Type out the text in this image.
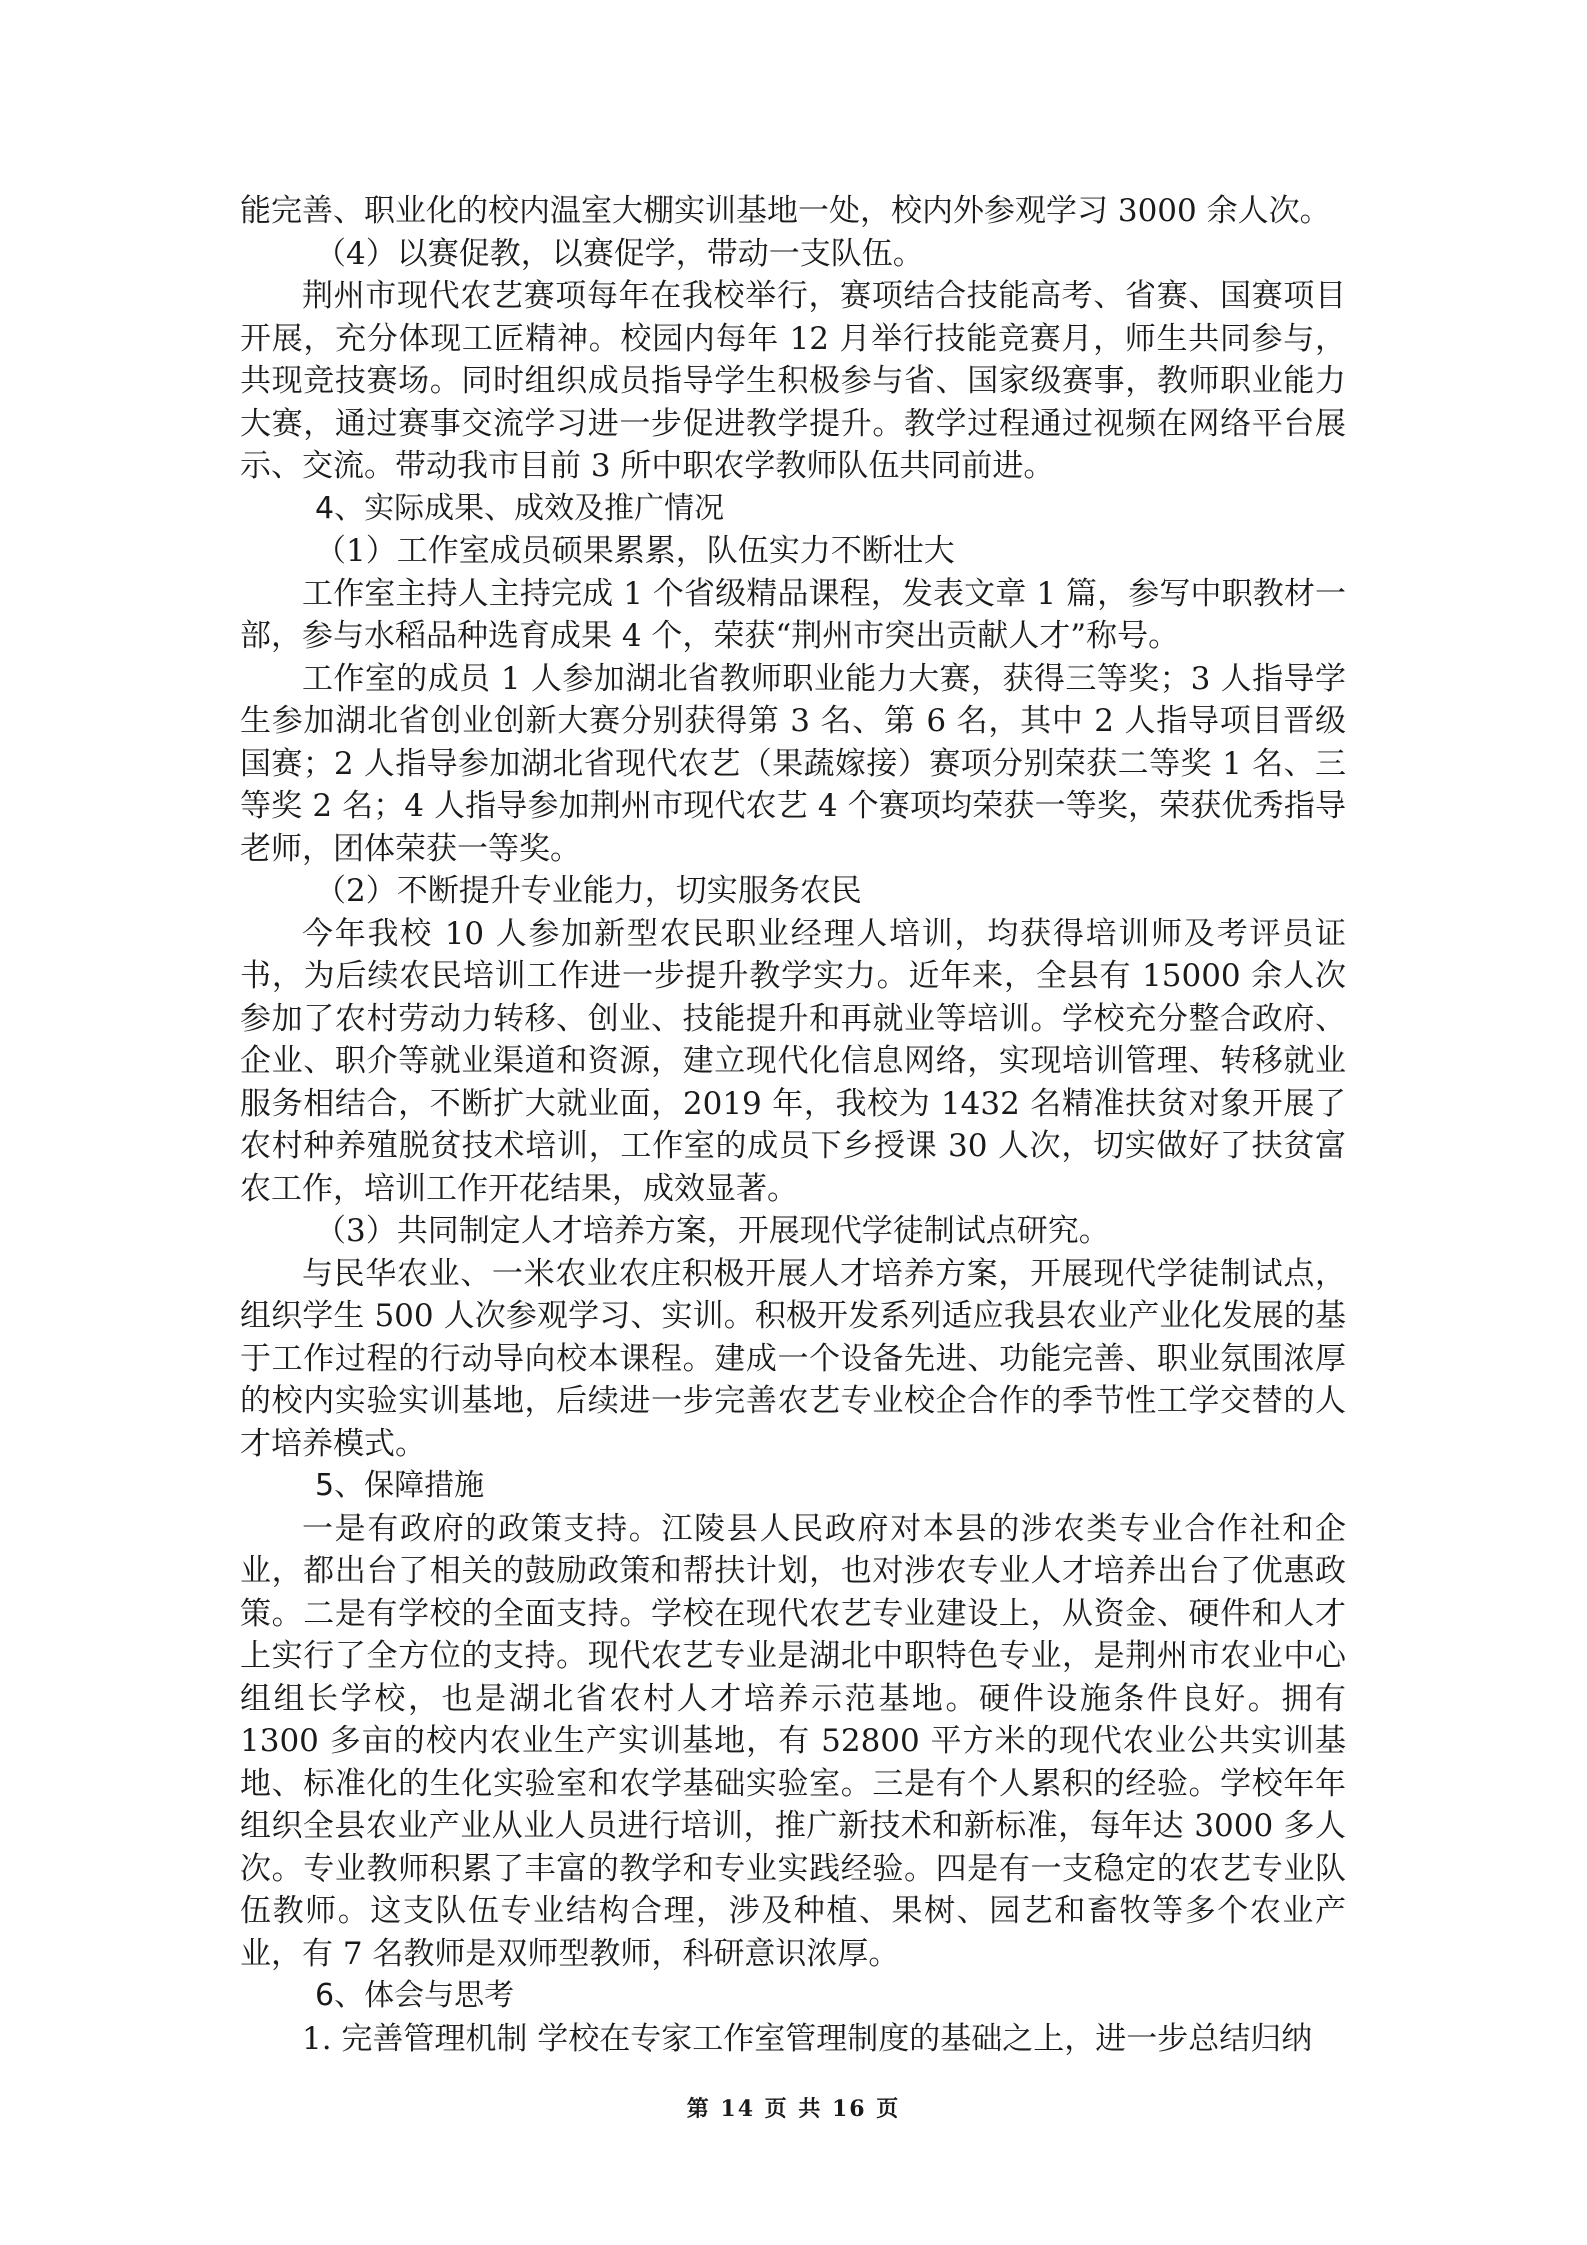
能完善、职业化的校内温室大棚实训基地一处，校内外参观学习 3000 余人次。

（4）以赛促教，以赛促学，带动一支队伍。

荆州市现代农艺赛项每年在我校举行，赛项结合技能高考、省赛、国赛项目开展，充分体现工匠精神。校园内每年 12 月举行技能竞赛月，师生共同参与，共现竞技赛场。同时组织成员指导学生积极参与省、国家级赛事，教师职业能力大赛，通过赛事交流学习进一步促进教学提升。教学过程通过视频在网络平台展示、交流。带动我市目前 3 所中职农学教师队伍共同前进。

4、实际成果、成效及推广情况

（1）工作室成员硕果累累，队伍实力不断壮大

工作室主持人主持完成 1 个省级精品课程，发表文章 1 篇，参写中职教材一部，参与水稻品种选育成果 4 个，荣获“荆州市突出贡献人才”称号。

工作室的成员 1 人参加湖北省教师职业能力大赛，获得三等奖；3 人指导学生参加湖北省创业创新大赛分别获得第 3 名、第 6 名，其中 2 人指导项目晋级国赛；2 人指导参加湖北省现代农艺（果蔬嫁接）赛项分别荣获二等奖 1 名、三等奖 2 名；4 人指导参加荆州市现代农艺 4 个赛项均荣获一等奖，荣获优秀指导老师，团体荣获一等奖。

（2）不断提升专业能力，切实服务农民

今年我校 10 人参加新型农民职业经理人培训，均获得培训师及考评员证书，为后续农民培训工作进一步提升教学实力。近年来，全县有 15000 余人次参加了农村劳动力转移、创业、技能提升和再就业等培训。学校充分整合政府、企业、职介等就业渠道和资源，建立现代化信息网络，实现培训管理、转移就业服务相结合，不断扩大就业面，2019 年，我校为 1432 名精准扶贫对象开展了农村种养殖脱贫技术培训，工作室的成员下乡授课 30 人次，切实做好了扶贫富农工作，培训工作开花结果，成效显著。

（3）共同制定人才培养方案，开展现代学徒制试点研究。

与民华农业、一米农业农庄积极开展人才培养方案，开展现代学徒制试点，组织学生 500 人次参观学习、实训。积极开发系列适应我县农业产业化发展的基于工作过程的行动导向校本课程。建成一个设备先进、功能完善、职业氛围浓厚的校内实验实训基地，后续进一步完善农艺专业校企合作的季节性工学交替的人才培养模式。

5、保障措施

一是有政府的政策支持。江陵县人民政府对本县的涉农类专业合作社和企业，都出台了相关的鼓励政策和帮扶计划，也对涉农专业人才培养出台了优惠政策。二是有学校的全面支持。学校在现代农艺专业建设上，从资金、硬件和人才上实行了全方位的支持。现代农艺专业是湖北中职特色专业，是荆州市农业中心组组长学校，也是湖北省农村人才培养示范基地。硬件设施条件良好。拥有 1300 多亩的校内农业生产实训基地，有 52800 平方米的现代农业公共实训基地、标准化的生化实验室和农学基础实验室。三是有个人累积的经验。学校年年组织全县农业产业从业人员进行培训，推广新技术和新标准，每年达 3000 多人次。专业教师积累了丰富的教学和专业实践经验。四是有一支稳定的农艺专业队伍教师。这支队伍专业结构合理，涉及种植、果树、园艺和畜牧等多个农业产业，有 7 名教师是双师型教师，科研意识浓厚。

6、体会与思考

1. 完善管理机制 学校在专家工作室管理制度的基础之上，进一步总结归纳

第 14 页 共 16 页
